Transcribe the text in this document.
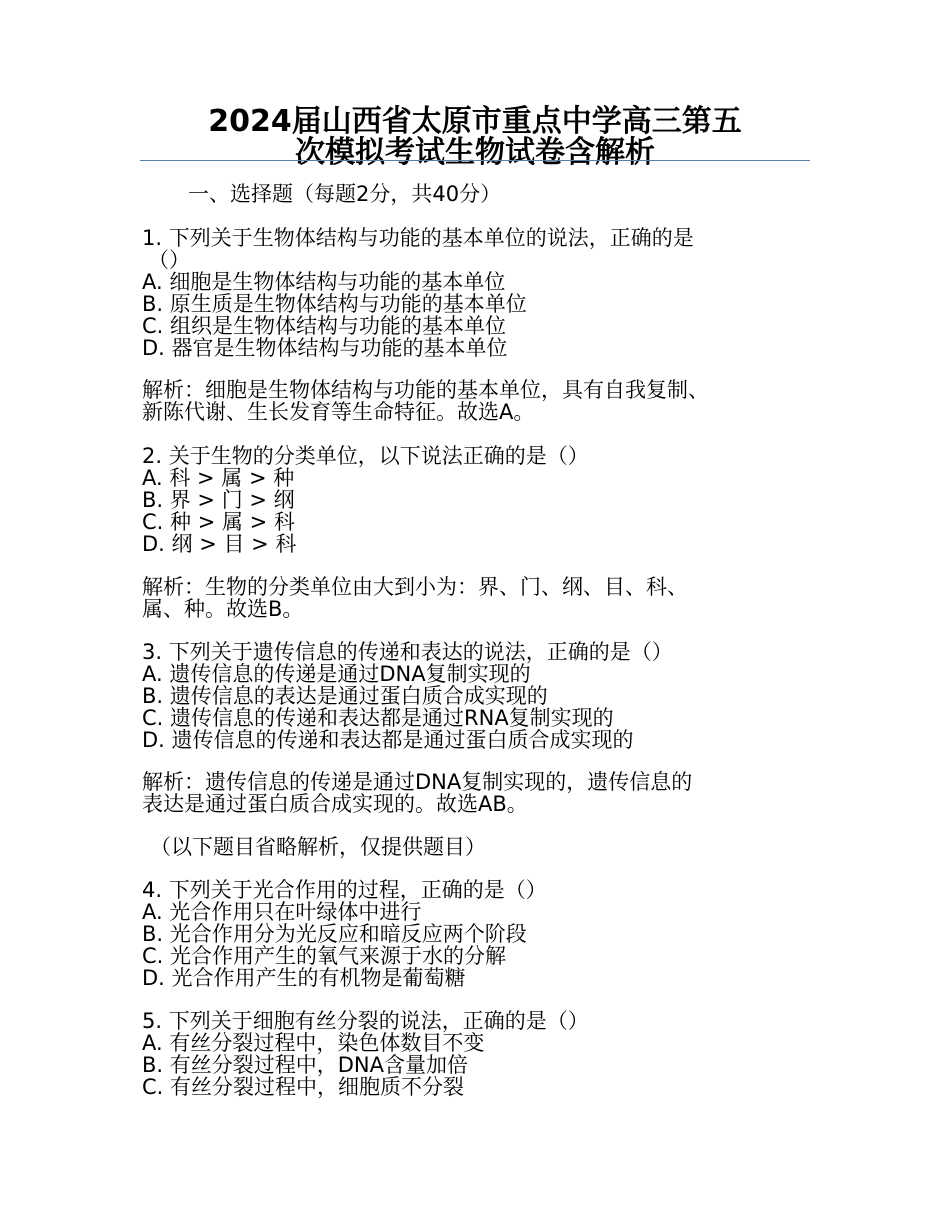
2024届山西省太原市重点中学高三第五
次模拟考试生物试卷含解析
一、选择题（每题2分，共40分）
1. 下列关于生物体结构与功能的基本单位的说法，正确的是
（）
A. 细胞是生物体结构与功能的基本单位
B. 原生质是生物体结构与功能的基本单位
C. 组织是生物体结构与功能的基本单位
D. 器官是生物体结构与功能的基本单位
解析：细胞是生物体结构与功能的基本单位，具有自我复制、
新陈代谢、生长发育等生命特征。故选A。
2. 关于生物的分类单位，以下说法正确的是（）
A. 科 > 属 > 种
B. 界 > 门 > 纲
C. 种 > 属 > 科
D. 纲 > 目 > 科
解析：生物的分类单位由大到小为：界、门、纲、目、科、
属、种。故选B。
3. 下列关于遗传信息的传递和表达的说法，正确的是（）
A. 遗传信息的传递是通过DNA复制实现的
B. 遗传信息的表达是通过蛋白质合成实现的
C. 遗传信息的传递和表达都是通过RNA复制实现的
D. 遗传信息的传递和表达都是通过蛋白质合成实现的
解析：遗传信息的传递是通过DNA复制实现的，遗传信息的
表达是通过蛋白质合成实现的。故选AB。
（以下题目省略解析，仅提供题目）
4. 下列关于光合作用的过程，正确的是（）
A. 光合作用只在叶绿体中进行
B. 光合作用分为光反应和暗反应两个阶段
C. 光合作用产生的氧气来源于水的分解
D. 光合作用产生的有机物是葡萄糖
5. 下列关于细胞有丝分裂的说法，正确的是（）
A. 有丝分裂过程中，染色体数目不变
B. 有丝分裂过程中，DNA含量加倍
C. 有丝分裂过程中，细胞质不分裂
